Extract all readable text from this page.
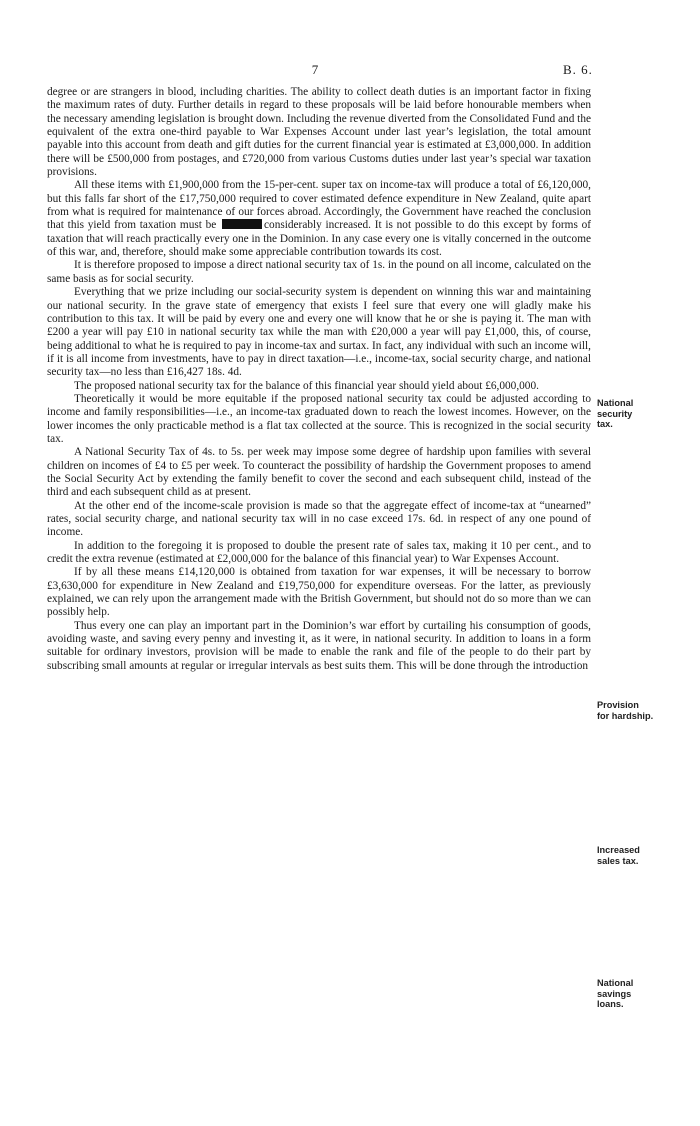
7	B. 6.

degree or are strangers in blood, including charities. The ability to collect death duties is an important factor in fixing the maximum rates of duty. Further details in regard to these proposals will be laid before honourable members when the necessary amending legislation is brought down. Including the revenue diverted from the Consolidated Fund and the equivalent of the extra one-third payable to War Expenses Account under last year’s legislation, the total amount payable into this account from death and gift duties for the current financial year is estimated at £3,000,000. In addition there will be £500,000 from postages, and £720,000 from various Customs duties under last year’s special war taxation provisions.

All these items with £1,900,000 from the 15-per-cent. super tax on income-tax will produce a total of £6,120,000, but this falls far short of the £17,750,000 required to cover estimated defence expenditure in New Zealand, quite apart from what is required for maintenance of our forces abroad. Accordingly, the Government have reached the conclusion that this yield from taxation must be	considerably increased. It is not possible to do this except by forms of taxation that will reach practically every one in the Dominion. In any case every one is vitally concerned in the outcome of this war, and, therefore, should make some appreciable contribution towards its cost.

It is therefore proposed to impose a direct national security tax of 1s. in the pound on all income, calculated on the same basis as for social security.

Everything that we prize including our social-security system is dependent on winning this war and maintaining our national security. In the grave state of emergency that exists I feel sure that every one will gladly make his contribution to this tax. It will be paid by every one and every one will know that he or she is paying it. The man with £200 a year will pay £10 in national security tax while the man with £20,000 a year will pay £1,000, this, of course, being additional to what he is required to pay in income-tax and surtax. In fact, any individual with such an income will, if it is all income from investments, have to pay in direct taxation—i.e., income-tax, social security charge, and national security tax—no less than £16,427 18s. 4d.

The proposed national security tax for the balance of this financial year should yield about £6,000,000.

Theoretically it would be more equitable if the proposed national security tax could be adjusted according to income and family responsibilities—i.e., an income-tax graduated down to reach the lowest incomes. However, on the lower incomes the only practicable method is a flat tax collected at the source. This is recognized in the social security tax.

A National Security Tax of 4s. to 5s. per week may impose some degree of hardship upon families with several children on incomes of £4 to £5 per week. To counteract the possibility of hardship the Government proposes to amend the Social Security Act by extending the family benefit to cover the second and each subsequent child, instead of the third and each subsequent child as at present.

At the other end of the income-scale provision is made so that the aggregate effect of income-tax at “unearned” rates, social security charge, and national security tax will in no case exceed 17s. 6d. in respect of any one pound of income.

In addition to the foregoing it is proposed to double the present rate of sales tax, making it 10 per cent., and to credit the extra revenue (estimated at £2,000,000 for the balance of this financial year) to War Expenses Account.

If by all these means £14,120,000 is obtained from taxation for war expenses, it will be necessary to borrow £3,630,000 for expenditure in New Zealand and £19,750,000 for expenditure overseas. For the latter, as previously explained, we can rely upon the arrangement made with the British Government, but should not do so more than we can possibly help.

Thus every one can play an important part in the Dominion’s war effort by curtailing his consumption of goods, avoiding waste, and saving every penny and investing it, as it were, in national security. In addition to loans in a form suitable for ordinary investors, provision will be made to enable the rank and file of the people to do their part by subscribing small amounts at regular or irregular intervals as best suits them. This will be done through the introduction

National
security
tax.
Provision
for hardship.
Increased
sales tax.
National
savings
loans.
